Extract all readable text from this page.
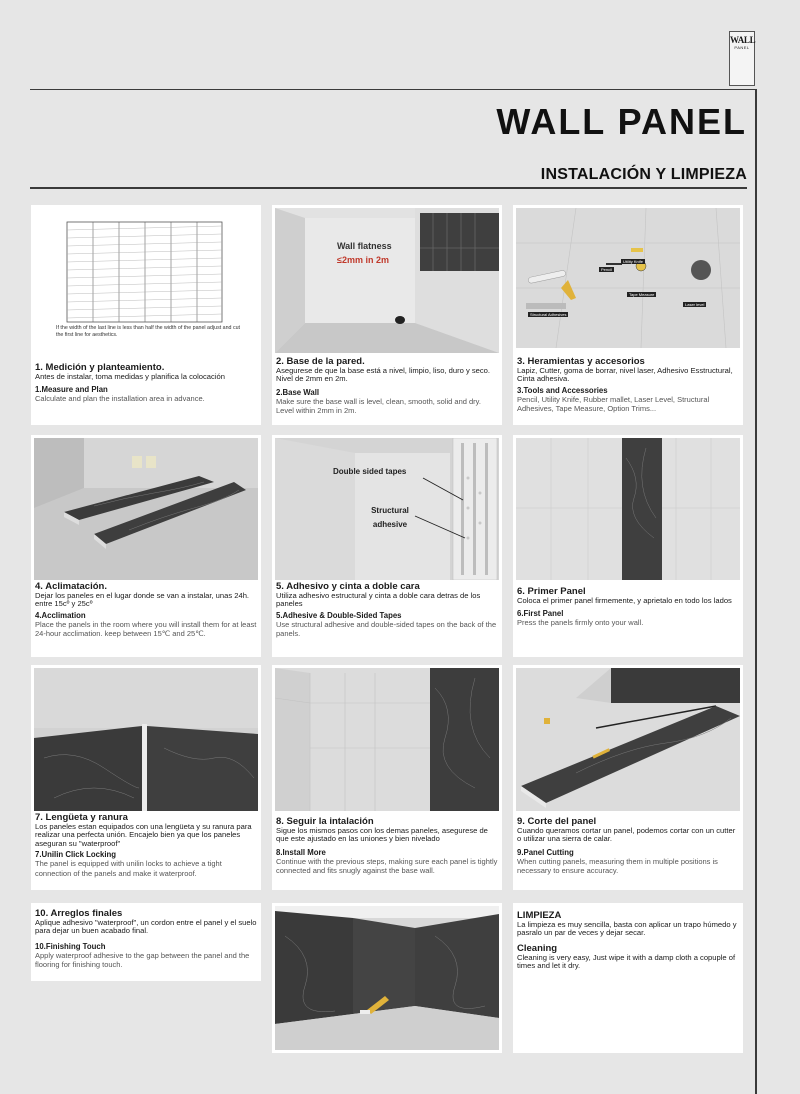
WALL
PANEL
WALL PANEL
INSTALACIÓN Y LIMPIEZA
If the width of the last line is less than half the width of the panel adjust and cut the first line for aesthetics.
1. Medición y planteamiento.
Antes de instalar, toma medidas y planifica la colocación
1.Measure and Plan
Calculate and plan the installation area in advance.
Wall flatness
≤2mm in 2m
2. Base de la pared.
Asegurese de que la base está a nivel, limpio, liso, duro y seco. Nivel de 2mm en 2m.
2.Base Wall
Make sure the base wall is level, clean, smooth, solid and dry. Level within 2mm in 2m.
Utility Knife
Pencil
Tape Measure
Laser level
Structural Adhesives
3. Heramientas y accesorios
Lapiz, Cutter, goma de borrar, nivel laser, Adhesivo Esstructural, Cinta adhesiva.
3.Tools and Accessories
Pencil, Utility Knife, Rubber mallet, Laser Level, Structural Adhesives, Tape Measure, Option Trims...
4. Aclimatación.
Dejar los paneles en el lugar donde se van a instalar, unas 24h. entre 15cº y 25cº
4.Acclimation
Place the panels in the room where you will install them for at least 24-hour acclimation. keep between 15℃ and 25℃.
Double sided tapes
Structural adhesive
5. Adhesivo y cinta a doble cara
Utiliza adhesivo estructural y cinta a doble cara detras de los paneles
5.Adhesive & Double-Sided Tapes
Use structural adhesive and double-sided tapes on the back of the panels.
6. Primer Panel
Coloca el primer panel firmemente, y aprietalo en todo los lados
6.First Panel
Press the panels firmly onto your wall.
7. Lengüeta y ranura
Los paneles estan equipados con una lengüeta y su ranura para realizar una perfecta unión. Encajelo bien ya que los paneles aseguran su "waterproof"
7.Unilin Click Locking
The panel is equipped with unilin locks to achieve a tight connection of the panels and make it waterproof.
8. Seguir la intalación
Sigue los mismos pasos con los demas paneles, asegurese de que este ajustado en las uniones y bien nivelado
8.Install More
Continue with the previous steps, making sure each panel is tightly connected and fits snugly against the base wall.
9. Corte del panel
Cuando queramos cortar un panel, podemos cortar con un cutter o utilizar una sierra de calar.
9.Panel Cutting
When cutting panels, measuring them in multiple positions is necessary to ensure accuracy.
10. Arreglos finales
Aplique adhesivo "waterproof", un cordon entre el panel y el suelo para dejar un buen acabado final.
10.Finishing Touch
Apply waterproof adhesive to the gap between the panel and the flooring for finishing touch.
LIMPIEZA
La limpieza es muy sencilla, basta con aplicar un trapo húmedo y pasralo un par de veces y dejar secar.
Cleaning
Cleaning is very easy, Just wipe it with a damp cloth a copuple of times and let it dry.
